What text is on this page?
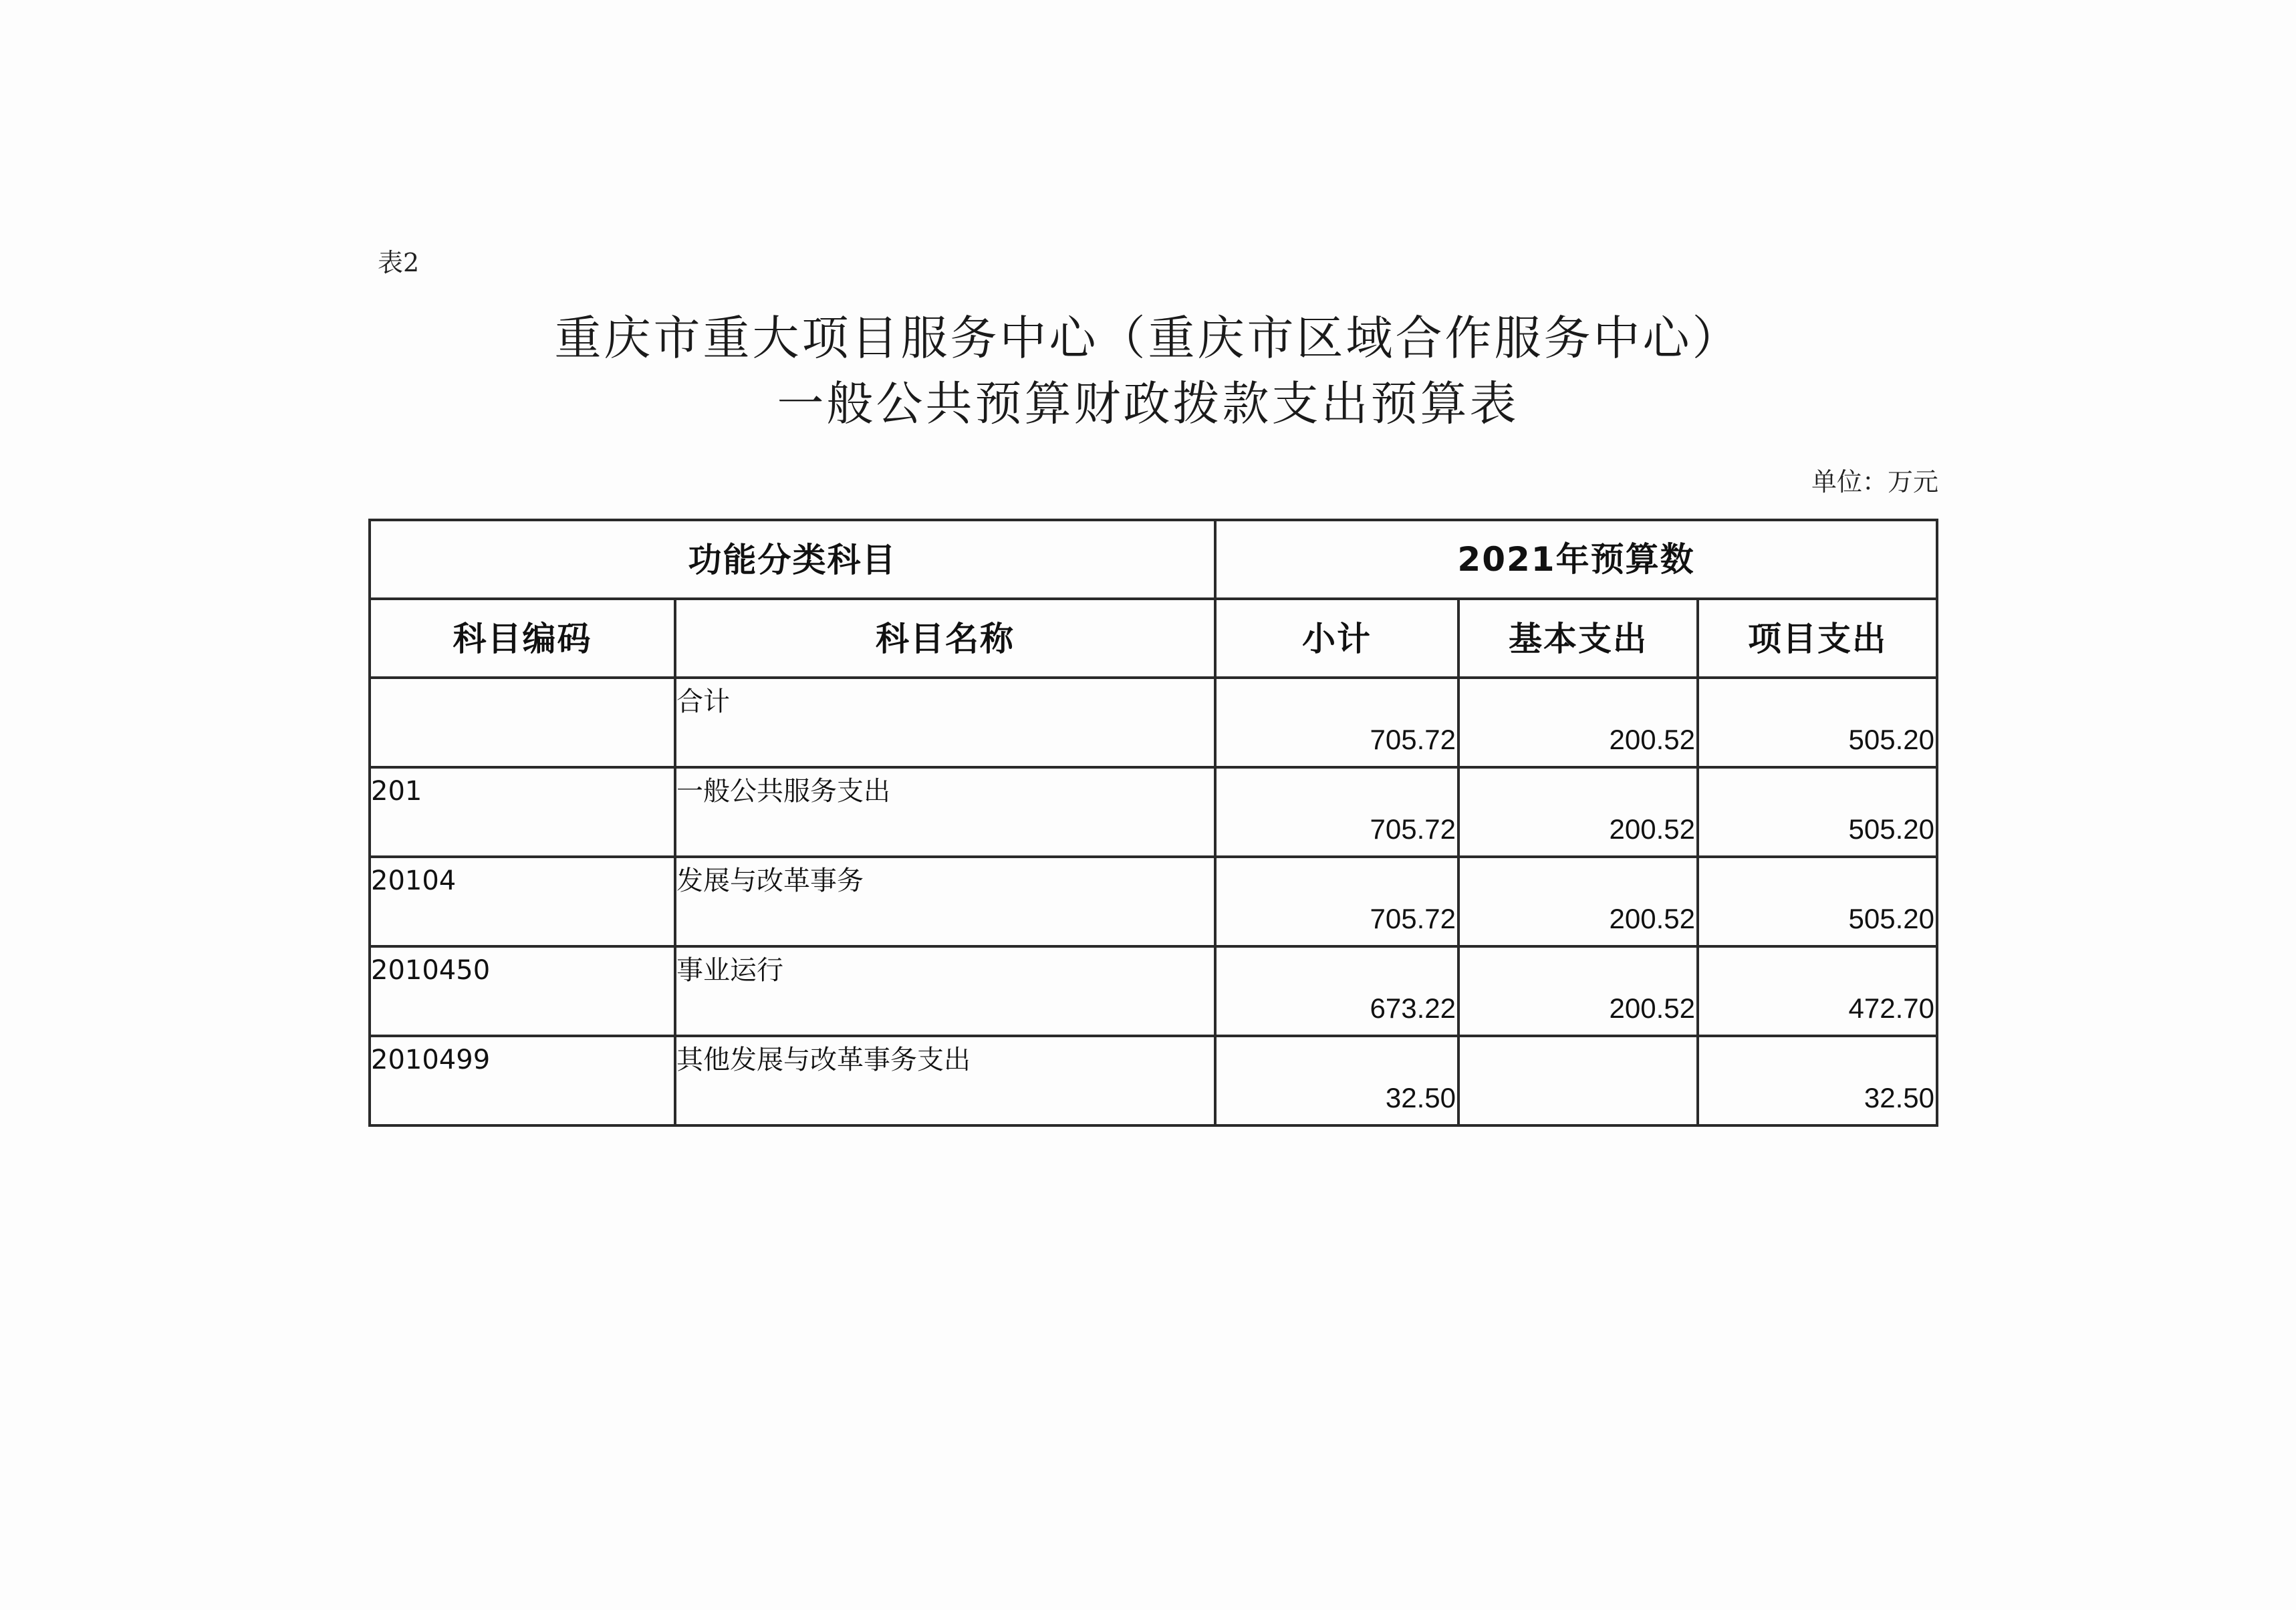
表2
重庆市重大项目服务中心（重庆市区域合作服务中心）
一般公共预算财政拨款支出预算表
单位：万元
功能分类科目		2021年预算数		
科目编码	科目名称	小计	基本支出	项目支出
	合计	705.72	200.52	505.20
201	一般公共服务支出	705.72	200.52	505.20
20104	发展与改革事务	705.72	200.52	505.20
2010450	事业运行	673.22	200.52	472.70
2010499	其他发展与改革事务支出	32.50		32.50
